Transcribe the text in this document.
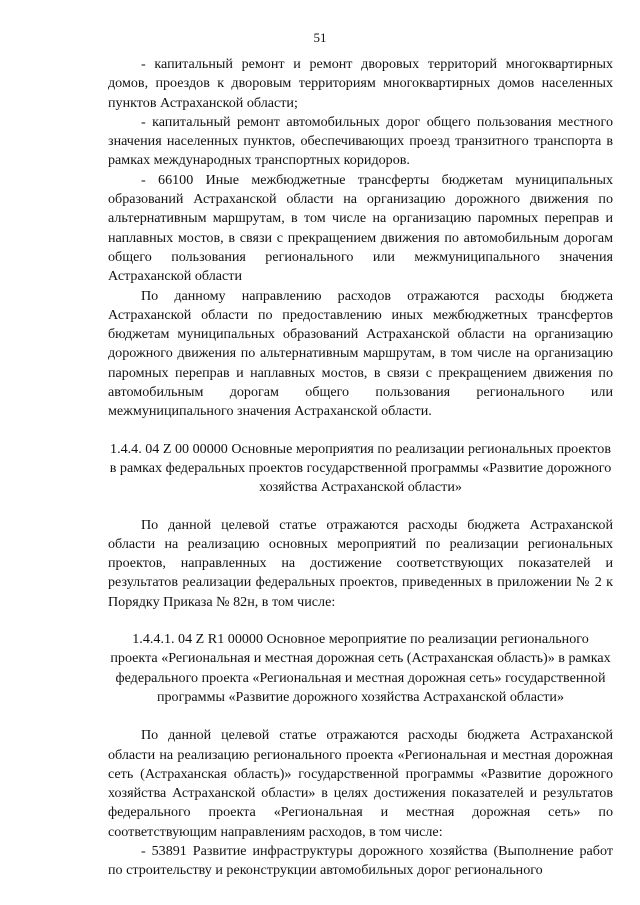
51

- капитальный ремонт и ремонт дворовых территорий многоквартирных домов, проездов к дворовым территориям многоквартирных домов населенных пунктов Астраханской области;

- капитальный ремонт автомобильных дорог общего пользования местного значения населенных пунктов, обеспечивающих проезд транзитного транспорта в рамках международных транспортных коридоров.

- 66100 Иные межбюджетные трансферты бюджетам муниципальных образований Астраханской области на организацию дорожного движения по альтернативным маршрутам, в том числе на организацию паромных переправ и наплавных мостов, в связи с прекращением движения по автомобильным дорогам общего пользования регионального или межмуниципального значения Астраханской области

По данному направлению расходов отражаются расходы бюджета Астраханской области по предоставлению иных межбюджетных трансфертов бюджетам муниципальных образований Астраханской области на организацию дорожного движения по альтернативным маршрутам, в том числе на организацию паромных переправ и наплавных мостов, в связи с прекращением движения по автомобильным дорогам общего пользования регионального или межмуниципального значения Астраханской области.

1.4.4. 04 Z 00 00000 Основные мероприятия по реализации региональных проектов в рамках федеральных проектов государственной программы «Развитие дорожного хозяйства Астраханской области»

По данной целевой статье отражаются расходы бюджета Астраханской области на реализацию основных мероприятий по реализации региональных проектов, направленных на достижение соответствующих показателей и результатов реализации федеральных проектов, приведенных в приложении № 2 к Порядку Приказа № 82н, в том числе:

1.4.4.1. 04 Z R1 00000 Основное мероприятие по реализации регионального проекта «Региональная и местная дорожная сеть (Астраханская область)» в рамках федерального проекта «Региональная и местная дорожная сеть» государственной программы «Развитие дорожного хозяйства Астраханской области»

По данной целевой статье отражаются расходы бюджета Астраханской области на реализацию регионального проекта «Региональная и местная дорожная сеть (Астраханская область)» государственной программы «Развитие дорожного хозяйства Астраханской области» в целях достижения показателей и результатов федерального проекта «Региональная и местная дорожная сеть» по соответствующим направлениям расходов, в том числе:

- 53891 Развитие инфраструктуры дорожного хозяйства (Выполнение работ по строительству и реконструкции автомобильных дорог регионального
